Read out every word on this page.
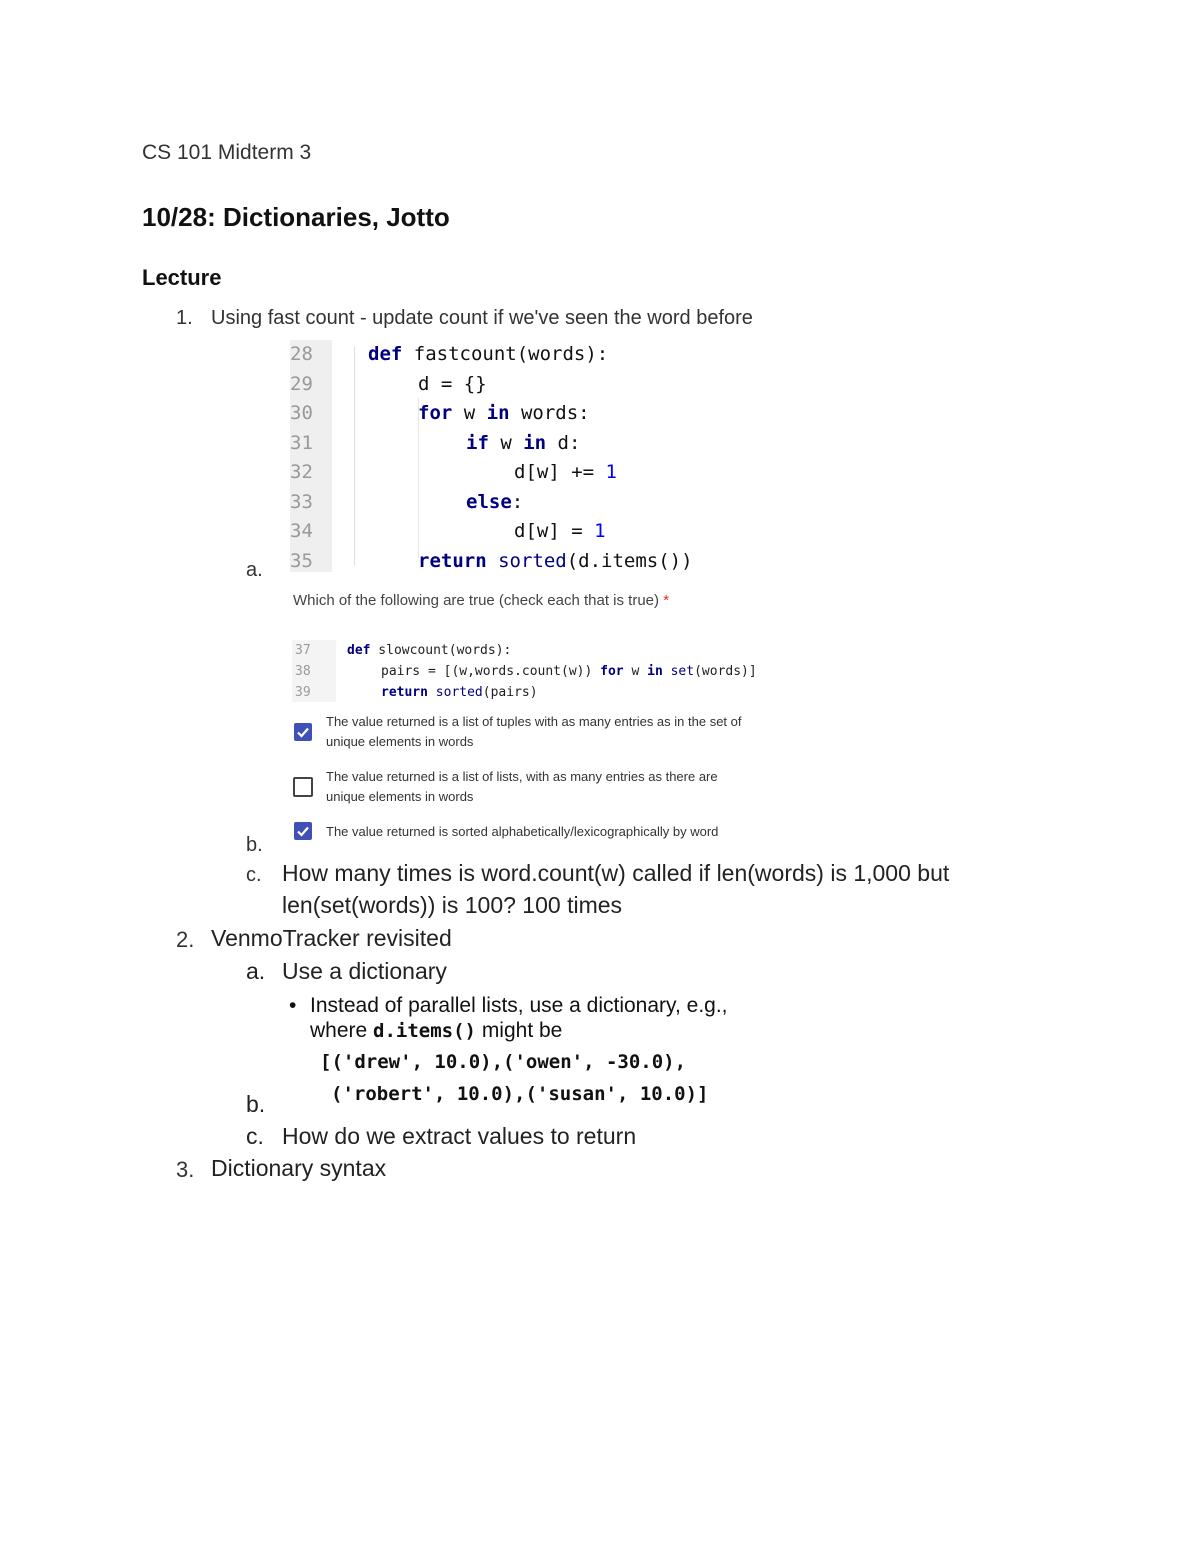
CS 101 Midterm 3
10/28: Dictionaries, Jotto
Lecture
1. Using fast count - update count if we've seen the word before
28
29
30
31
32
33
34
35
def fastcount(words):
d = {}
for w in words:
if w in d:
d[w] += 1
else:
d[w] = 1
return sorted(d.items())
a.
Which of the following are true (check each that is true) *
37
38
39
def slowcount(words):
pairs = [(w,words.count(w)) for w in set(words)]
return sorted(pairs)
The value returned is a list of tuples with as many entries as in the set of
unique elements in words
The value returned is a list of lists, with as many entries as there are
unique elements in words
The value returned is sorted alphabetically/lexicographically by word
b.
c. How many times is word.count(w) called if len(words) is 1,000 but
len(set(words)) is 100? 100 times
2. VenmoTracker revisited
a. Use a dictionary
• Instead of parallel lists, use a dictionary, e.g.,
where d.items() might be
[('drew', 10.0),('owen', -30.0),
('robert', 10.0),('susan', 10.0)]
b.
c. How do we extract values to return
3. Dictionary syntax
